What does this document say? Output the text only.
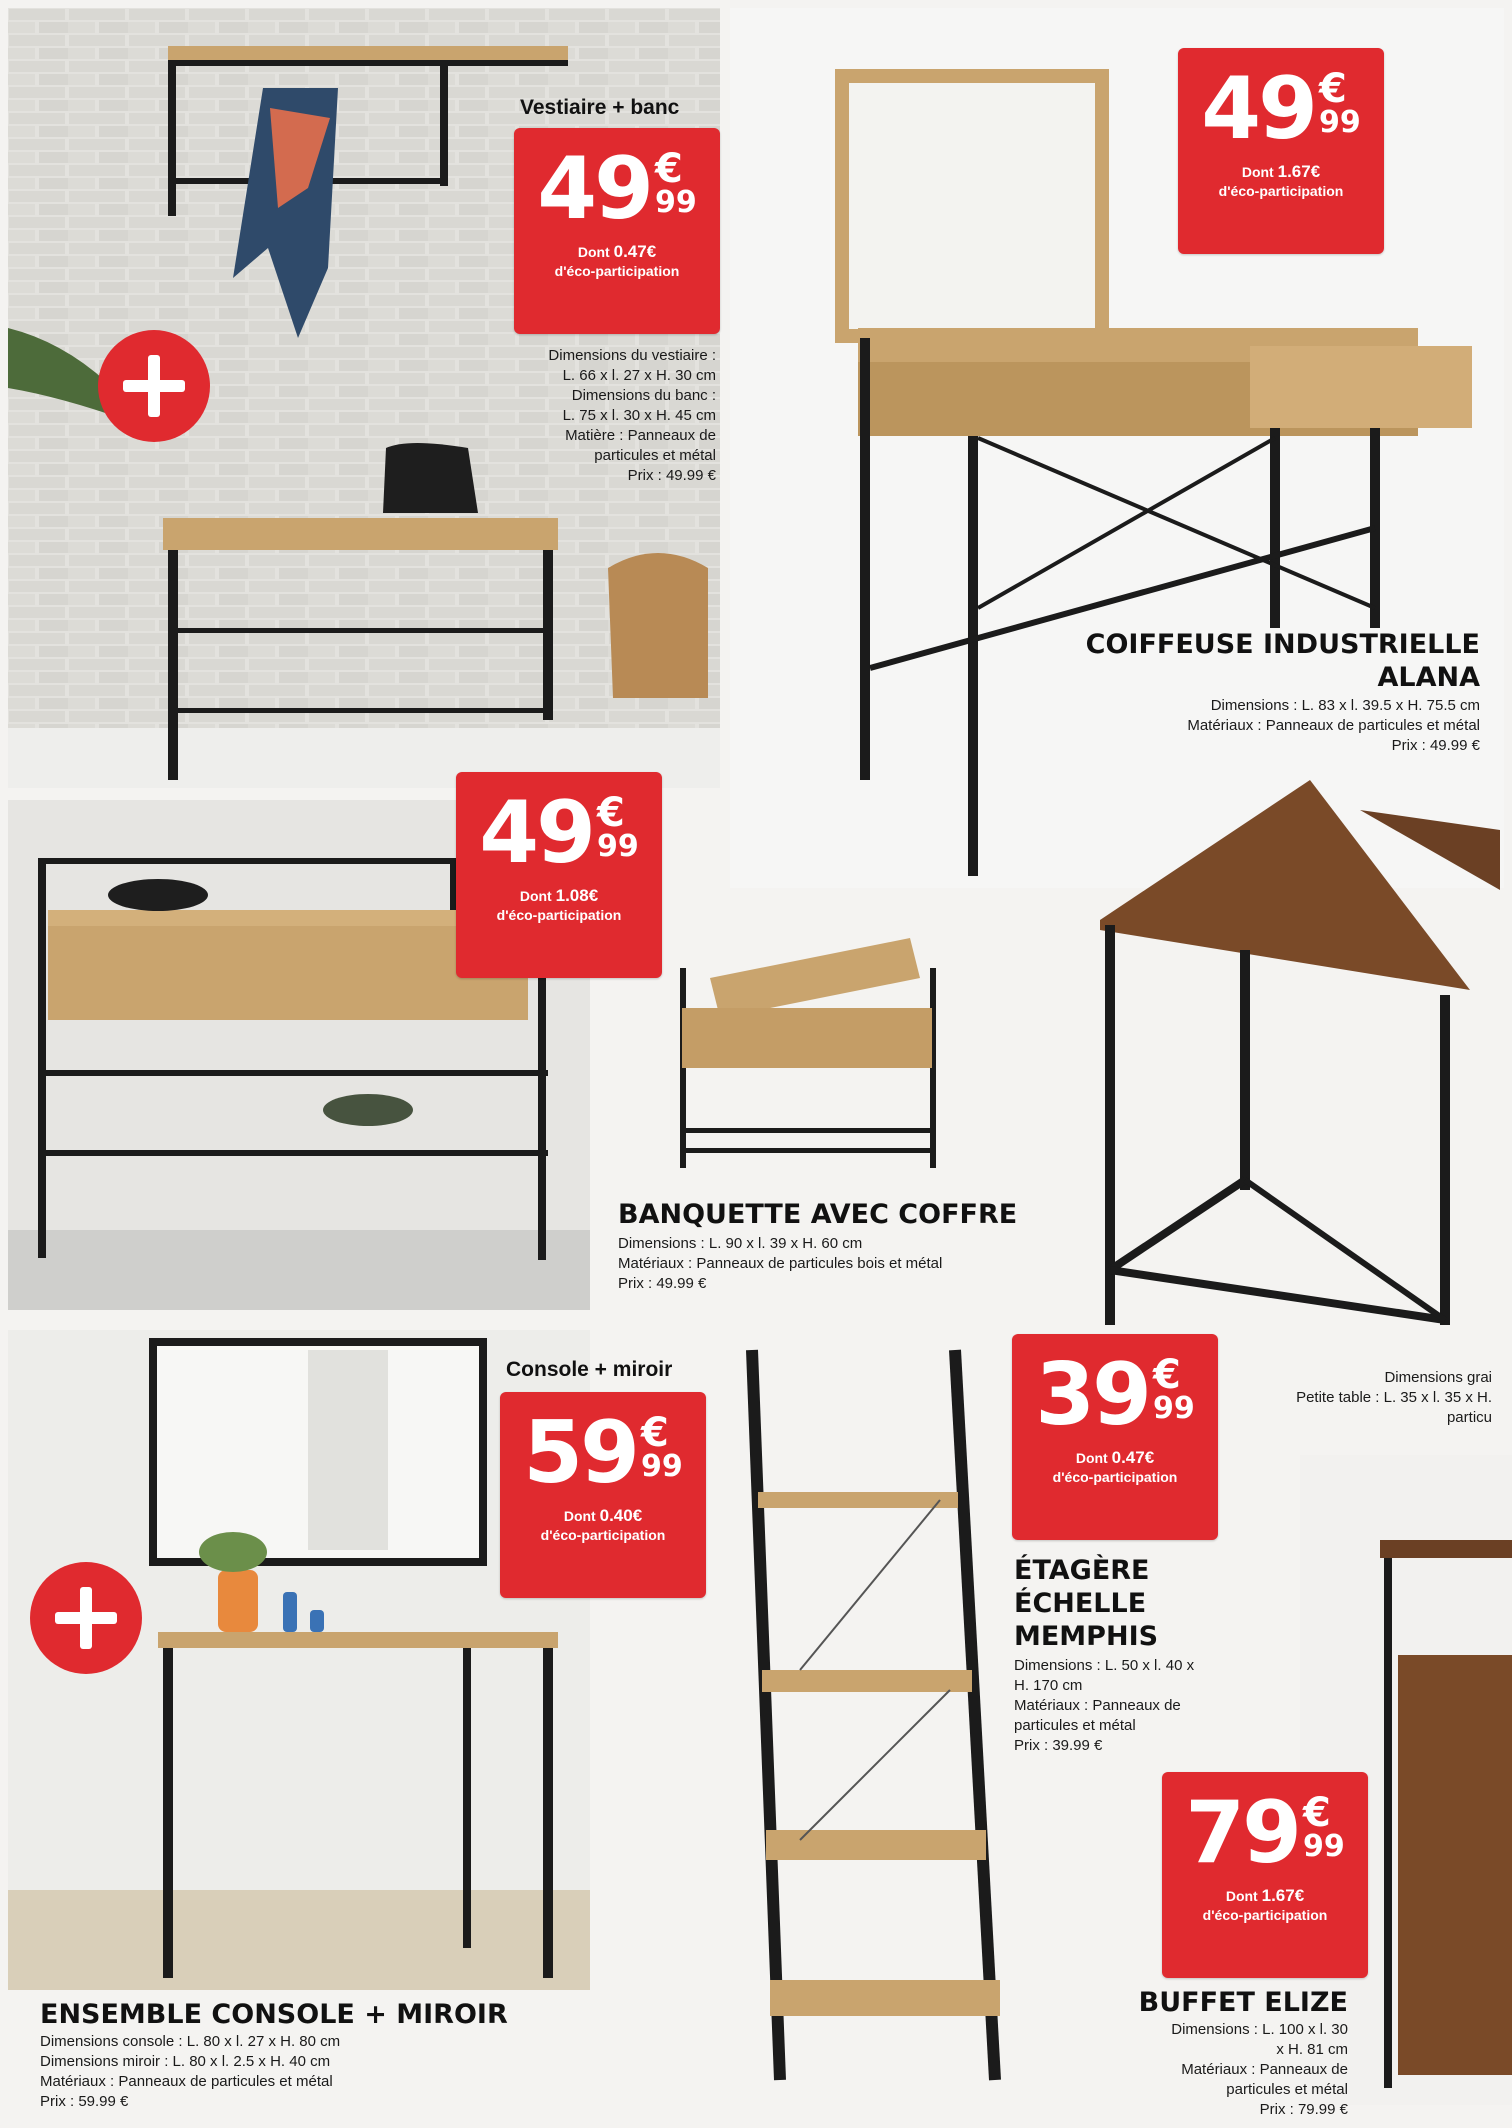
Vestiaire + banc
49 €
99
Dont 0.47€
d'éco-participation
Dimensions du vestiaire :
L. 66 x l. 27 x H. 30 cm
Dimensions du banc :
L. 75 x l. 30 x H. 45 cm
Matière : Panneaux de
particules et métal
Prix : 49.99 €
49 €
99
Dont 1.67€
d'éco-participation
COIFFEUSE INDUSTRIELLE
ALANA
Dimensions : L. 83 x l. 39.5 x H. 75.5 cm
Matériaux : Panneaux de particules et métal
Prix : 49.99 €
49 €
99
Dont 1.08€
d'éco-participation
BANQUETTE AVEC COFFRE
Dimensions : L. 90 x l. 39 x H. 60 cm
Matériaux : Panneaux de particules bois et métal
Prix : 49.99 €
Dimensions grai
Petite table : L. 35 x l. 35 x H.
particu
Console + miroir
59 €
99
Dont 0.40€
d'éco-participation
ENSEMBLE CONSOLE + MIROIR
Dimensions console : L. 80 x l. 27 x H. 80 cm
Dimensions miroir : L. 80 x l. 2.5 x H. 40 cm
Matériaux : Panneaux de particules et métal
Prix : 59.99 €
39 €
99
Dont 0.47€
d'éco-participation
ÉTAGÈRE
ÉCHELLE
MEMPHIS
Dimensions : L. 50 x l. 40 x
H. 170 cm
Matériaux : Panneaux de
particules et métal
Prix : 39.99 €
79 €
99
Dont 1.67€
d'éco-participation
BUFFET ELIZE
Dimensions : L. 100 x l. 30
x H. 81 cm
Matériaux : Panneaux de
particules et métal
Prix : 79.99 €
